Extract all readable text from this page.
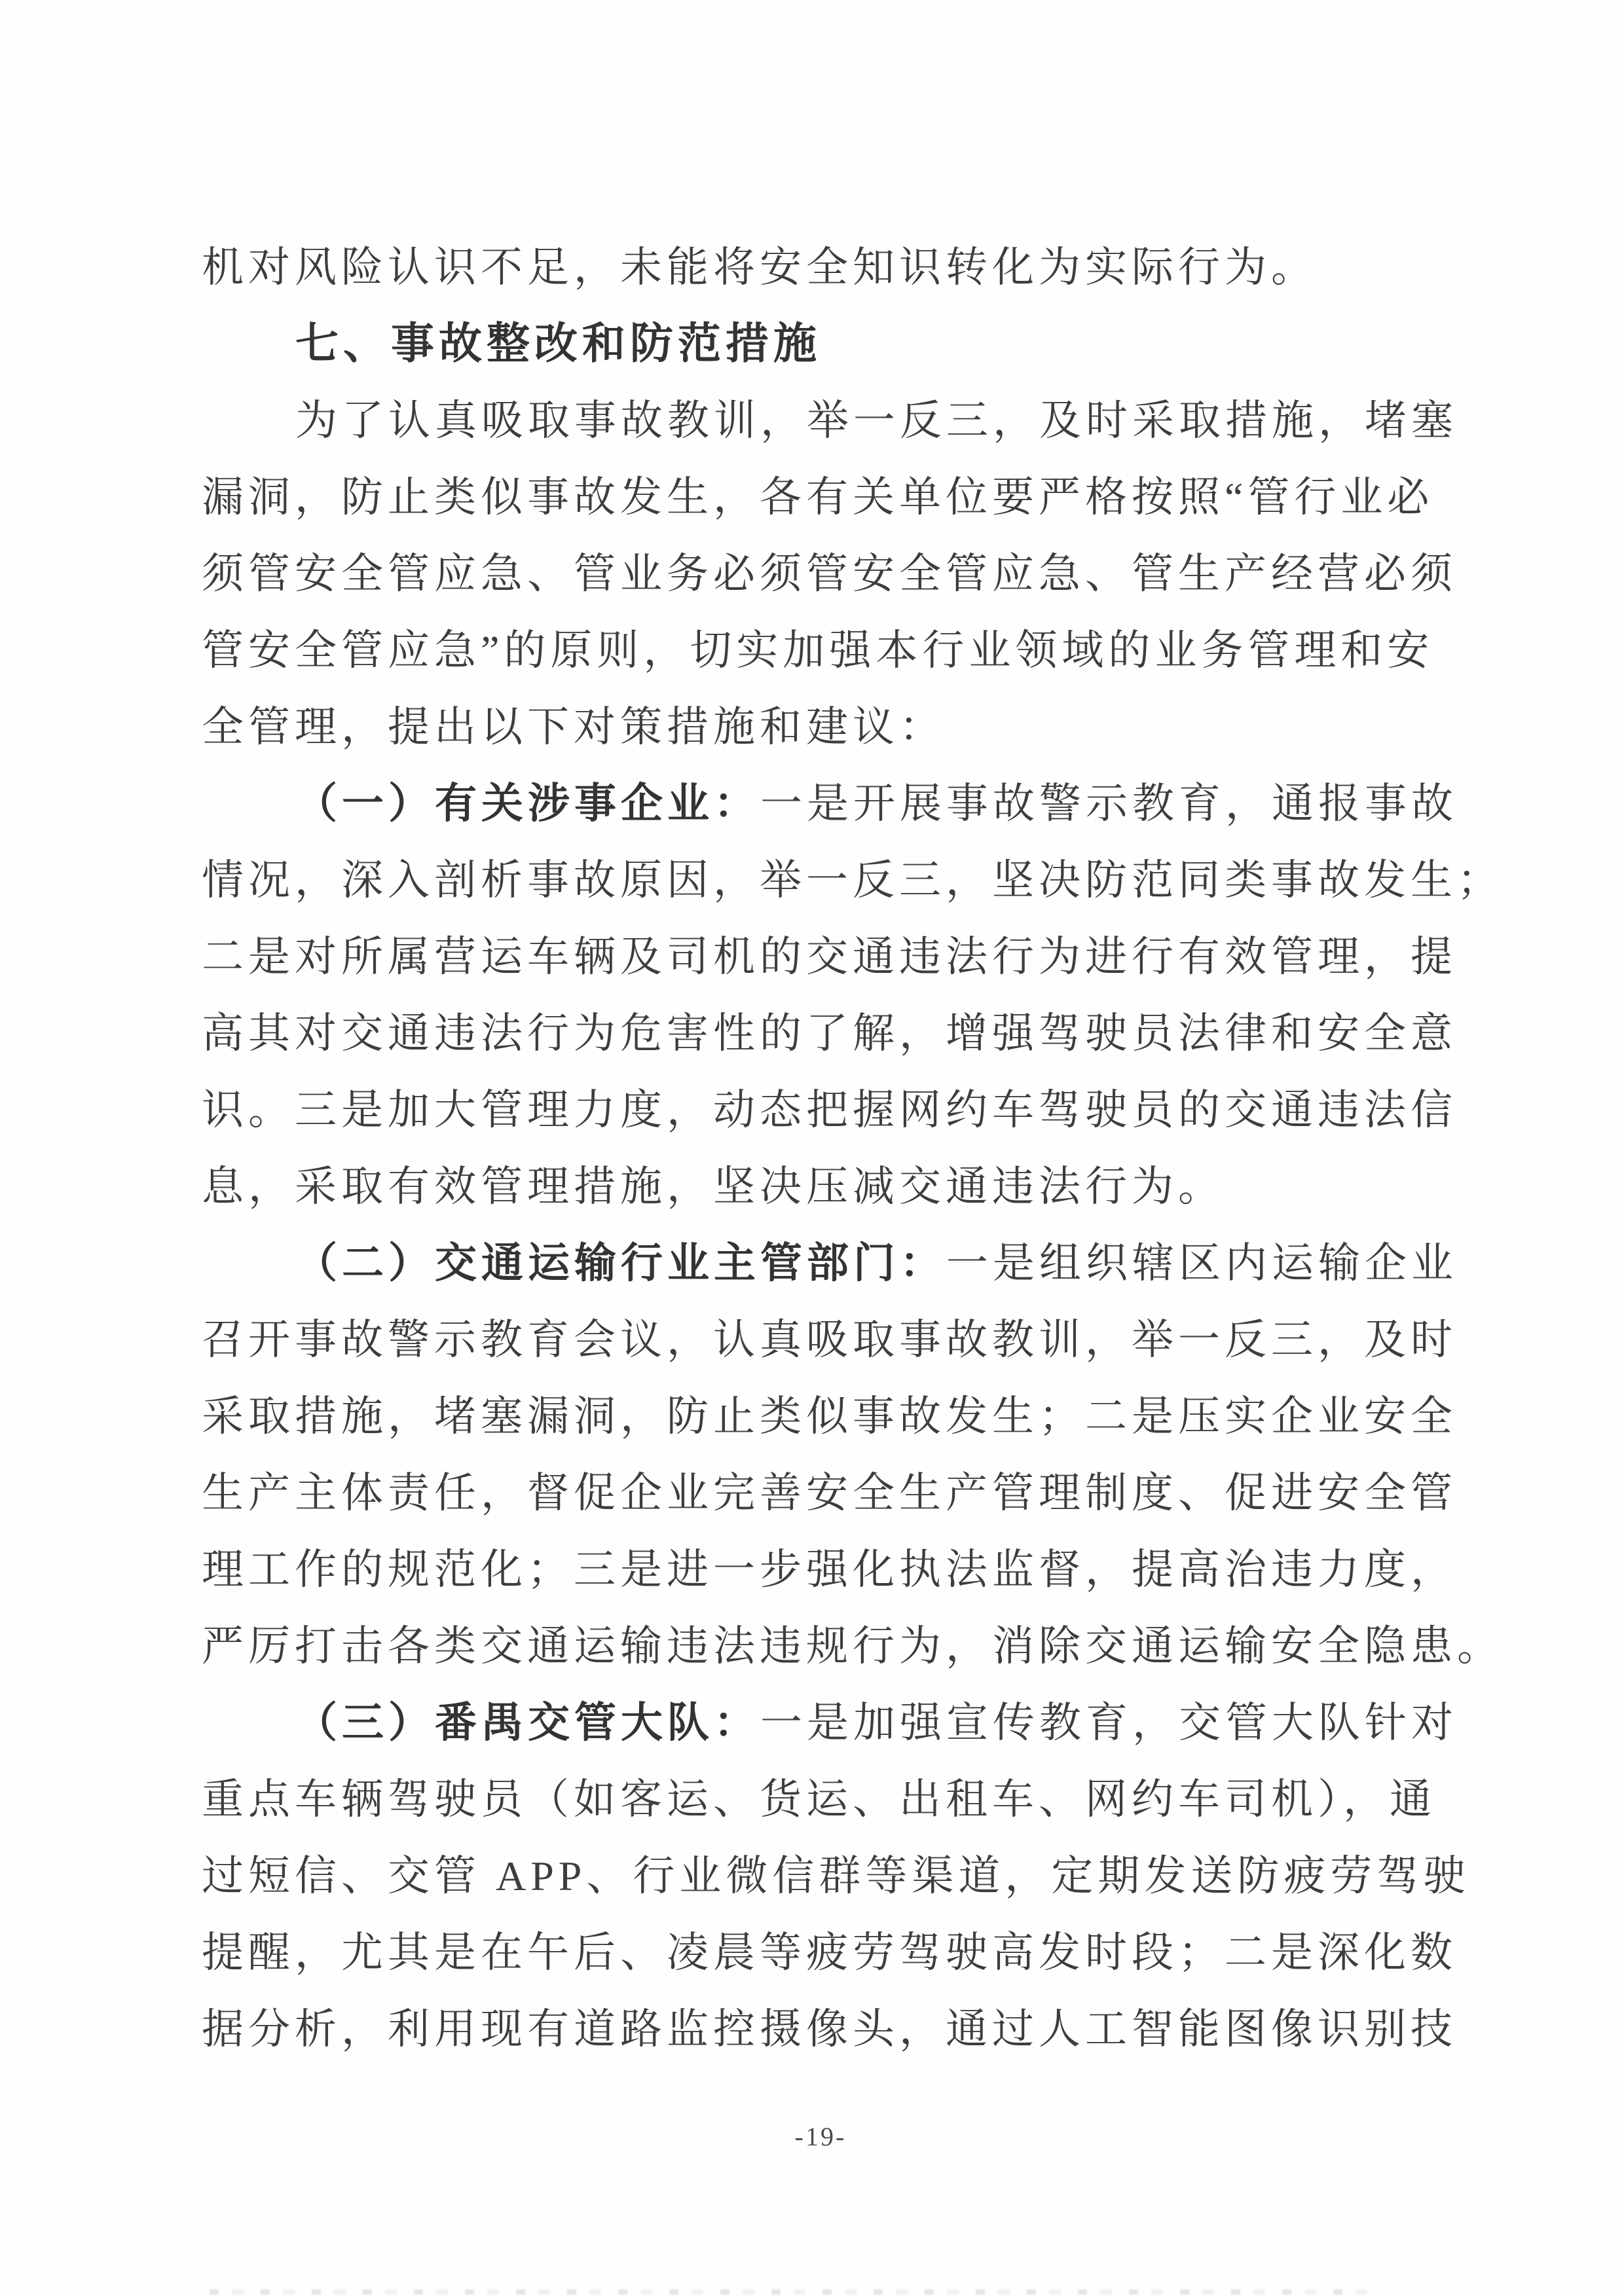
机对风险认识不足，未能将安全知识转化为实际行为。
七、事故整改和防范措施
为了认真吸取事故教训，举一反三，及时采取措施，堵塞
漏洞，防止类似事故发生，各有关单位要严格按照“管行业必
须管安全管应急、管业务必须管安全管应急、管生产经营必须
管安全管应急”的原则，切实加强本行业领域的业务管理和安
全管理，提出以下对策措施和建议：
（一）有关涉事企业：一是开展事故警示教育，通报事故
情况，深入剖析事故原因，举一反三，坚决防范同类事故发生；
二是对所属营运车辆及司机的交通违法行为进行有效管理，提
高其对交通违法行为危害性的了解，增强驾驶员法律和安全意
识。三是加大管理力度，动态把握网约车驾驶员的交通违法信
息，采取有效管理措施，坚决压减交通违法行为。
（二）交通运输行业主管部门：一是组织辖区内运输企业
召开事故警示教育会议，认真吸取事故教训，举一反三，及时
采取措施，堵塞漏洞，防止类似事故发生；二是压实企业安全
生产主体责任，督促企业完善安全生产管理制度、促进安全管
理工作的规范化；三是进一步强化执法监督，提高治违力度，
严厉打击各类交通运输违法违规行为，消除交通运输安全隐患。
（三）番禺交管大队：一是加强宣传教育，交管大队针对
重点车辆驾驶员（如客运、货运、出租车、网约车司机），通
过短信、交管 APP、行业微信群等渠道，定期发送防疲劳驾驶
提醒，尤其是在午后、凌晨等疲劳驾驶高发时段；二是深化数
据分析，利用现有道路监控摄像头，通过人工智能图像识别技
-19-
